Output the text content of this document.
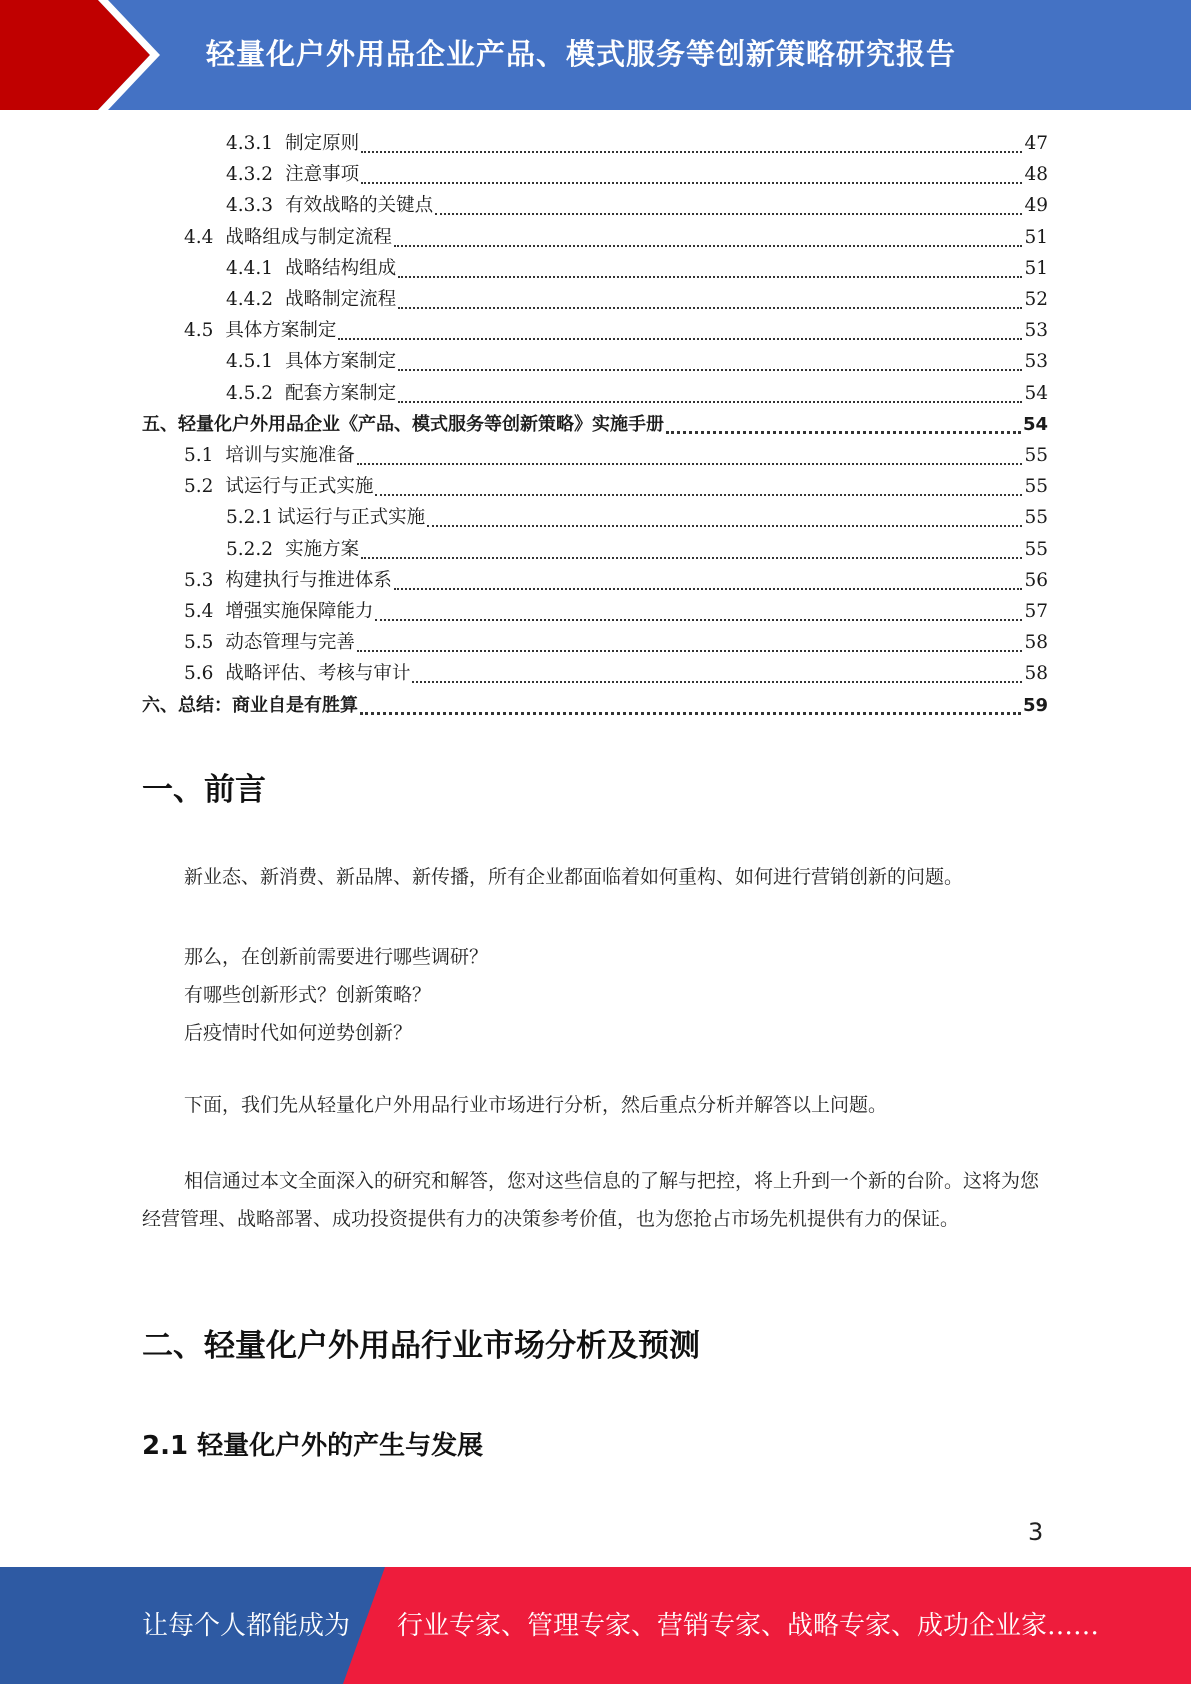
轻量化户外用品企业产品、模式服务等创新策略研究报告
4.3.1 制定原则	47
4.3.2 注意事项	48
4.3.3 有效战略的关键点	49
4.4 战略组成与制定流程	51
4.4.1 战略结构组成	51
4.4.2 战略制定流程	52
4.5 具体方案制定	53
4.5.1 具体方案制定	53
4.5.2 配套方案制定	54
五、 轻量化户外用品企业《产品、模式服务等创新策略》实施手册	54
5.1 培训与实施准备	55
5.2 试运行与正式实施	55
5.2.1 试运行与正式实施	55
5.2.2 实施方案	55
5.3 构建执行与推进体系	56
5.4 增强实施保障能力	57
5.5 动态管理与完善	58
5.6 战略评估、考核与审计	58
六、 总结：商业自是有胜算	59
一、前言
新业态、新消费、新品牌、新传播，所有企业都面临着如何重构、如何进行营销创新的问题。
那么，在创新前需要进行哪些调研？
有哪些创新形式？创新策略？
后疫情时代如何逆势创新？
下面，我们先从轻量化户外用品行业市场进行分析，然后重点分析并解答以上问题。
相信通过本文全面深入的研究和解答，您对这些信息的了解与把控，将上升到一个新的台阶。这将为您经营管理、战略部署、成功投资提供有力的决策参考价值，也为您抢占市场先机提供有力的保证。
二、轻量化户外用品行业市场分析及预测
2.1 轻量化户外的产生与发展
3
让每个人都能成为 行业专家、管理专家、营销专家、战略专家、成功企业家……
